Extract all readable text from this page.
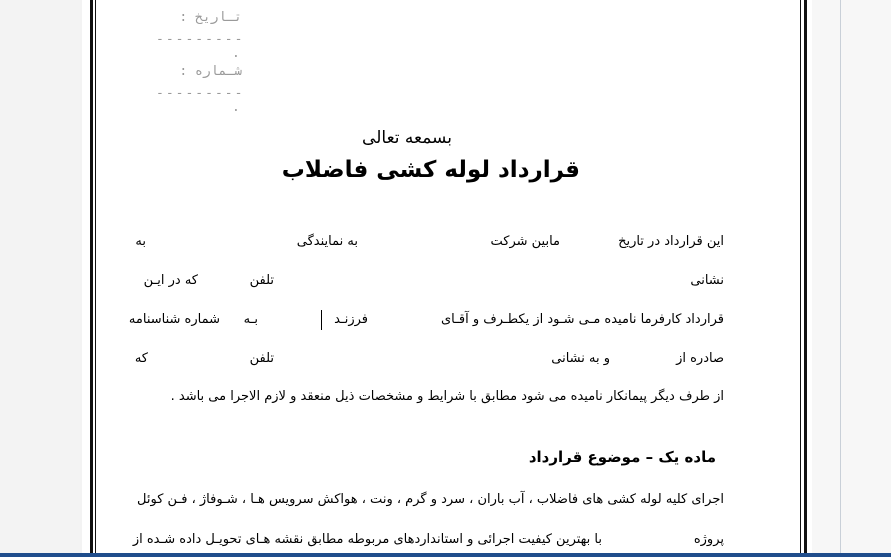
تـاريخ :
---------
.
شـماره :
---------
.
بسمعه تعالی
قرارداد لوله کشی فاضلاب
این قرارداد در تاریخ
مابین شرکت
به نمایندگی
به
نشانی
تلفن
که در ایـن
قرارداد کارفرما نامیده مـی شـود از یکطـرف و آقـای
فرزنـد
بـه
شماره شناسنامه
صادره از
و به نشانی
تلفن
که
از طرف دیگر پیمانکار نامیده می شود مطابق با شرایط و مشخصات ذیل منعقد و لازم الاجرا می باشد .
ماده یک – موضوع قرارداد
اجرای کلیه لوله کشی های فاضلاب ، آب باران ، سرد و گرم ، ونت ، هواکش سرویس هـا ، شـوفاژ ، فـن کوئل
پروژه
با بهترین کیفیت اجرائی و استانداردهای مربوطه مطابق نقشه هـای تحویـل داده شـده از
